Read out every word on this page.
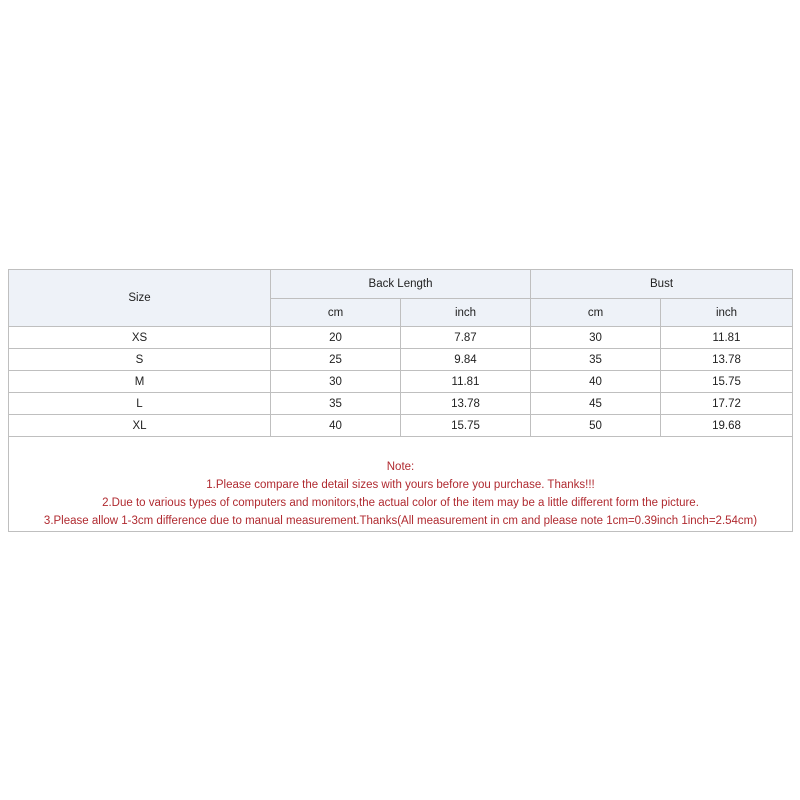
Size	Back Length		Bust	
	cm	inch	cm	inch
XS	20	7.87	30	11.81
S	25	9.84	35	13.78
M	30	11.81	40	15.75
L	35	13.78	45	17.72
XL	40	15.75	50	19.68

Note:
1.Please compare the detail sizes with yours before you purchase. Thanks!!!
2.Due to various types of computers and monitors,the actual color of the item may be a little different form the picture.
3.Please allow 1-3cm difference due to manual measurement.Thanks(All measurement in cm and please note 1cm=0.39inch 1inch=2.54cm)				
